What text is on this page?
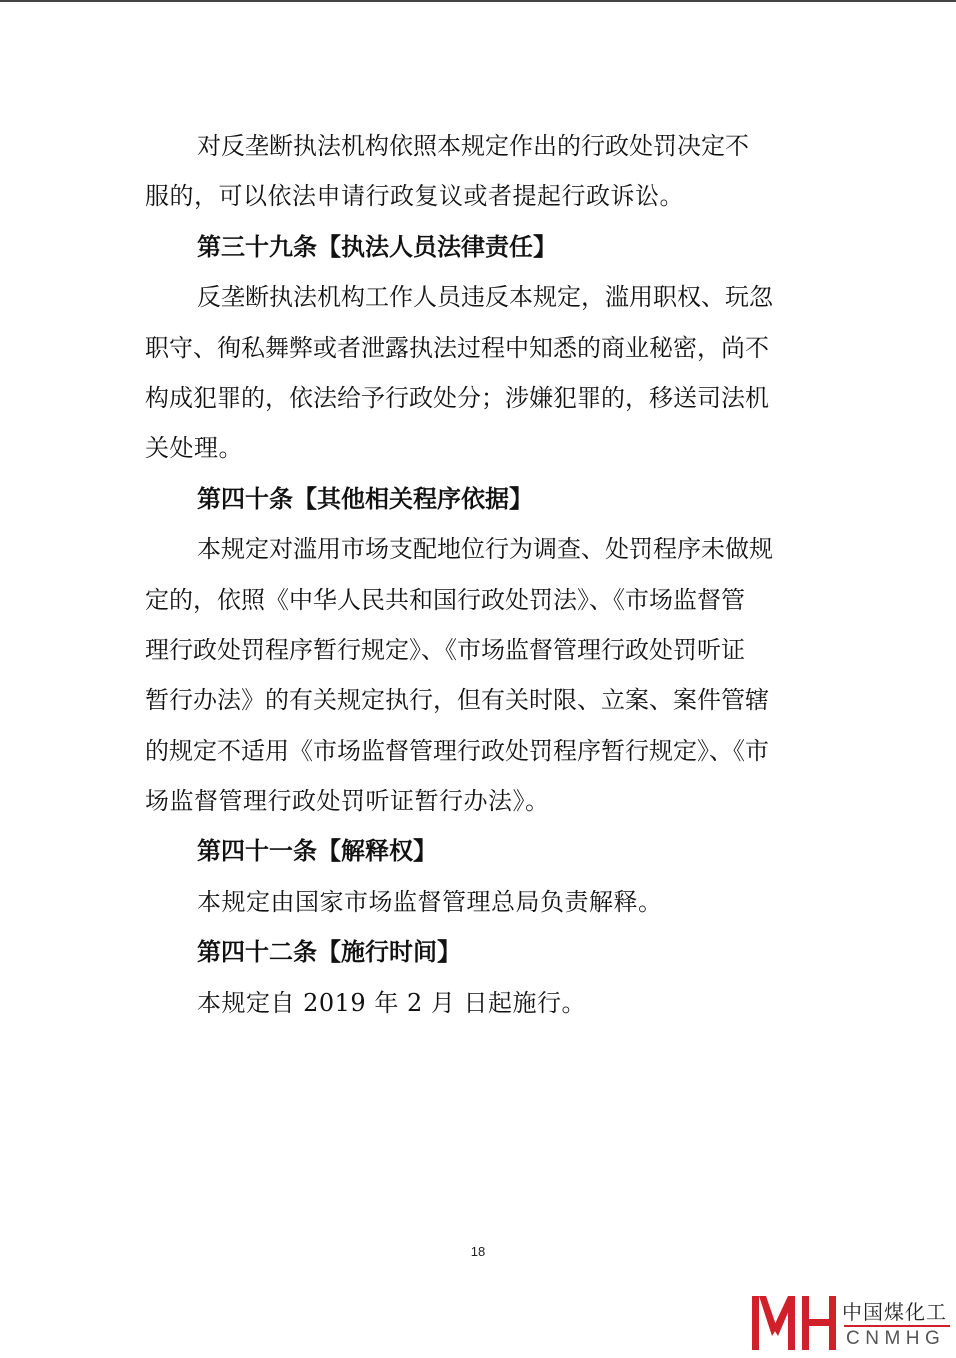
对反垄断执法机构依照本规定作出的行政处罚决定不
服的，可以依法申请行政复议或者提起行政诉讼。
第三十九条【执法人员法律责任】
反垄断执法机构工作人员违反本规定，滥用职权、玩忽
职守、徇私舞弊或者泄露执法过程中知悉的商业秘密，尚不
构成犯罪的，依法给予行政处分；涉嫌犯罪的，移送司法机
关处理。
第四十条【其他相关程序依据】
本规定对滥用市场支配地位行为调查、处罚程序未做规
定的，依照《中华人民共和国行政处罚法》、《市场监督管
理行政处罚程序暂行规定》、《市场监督管理行政处罚听证
暂行办法》的有关规定执行，但有关时限、立案、案件管辖
的规定不适用《市场监督管理行政处罚程序暂行规定》、《市
场监督管理行政处罚听证暂行办法》。
第四十一条【解释权】
本规定由国家市场监督管理总局负责解释。
第四十二条【施行时间】
本规定自 2019 年 2 月 日起施行。
18
中国煤化工
CNMHG
